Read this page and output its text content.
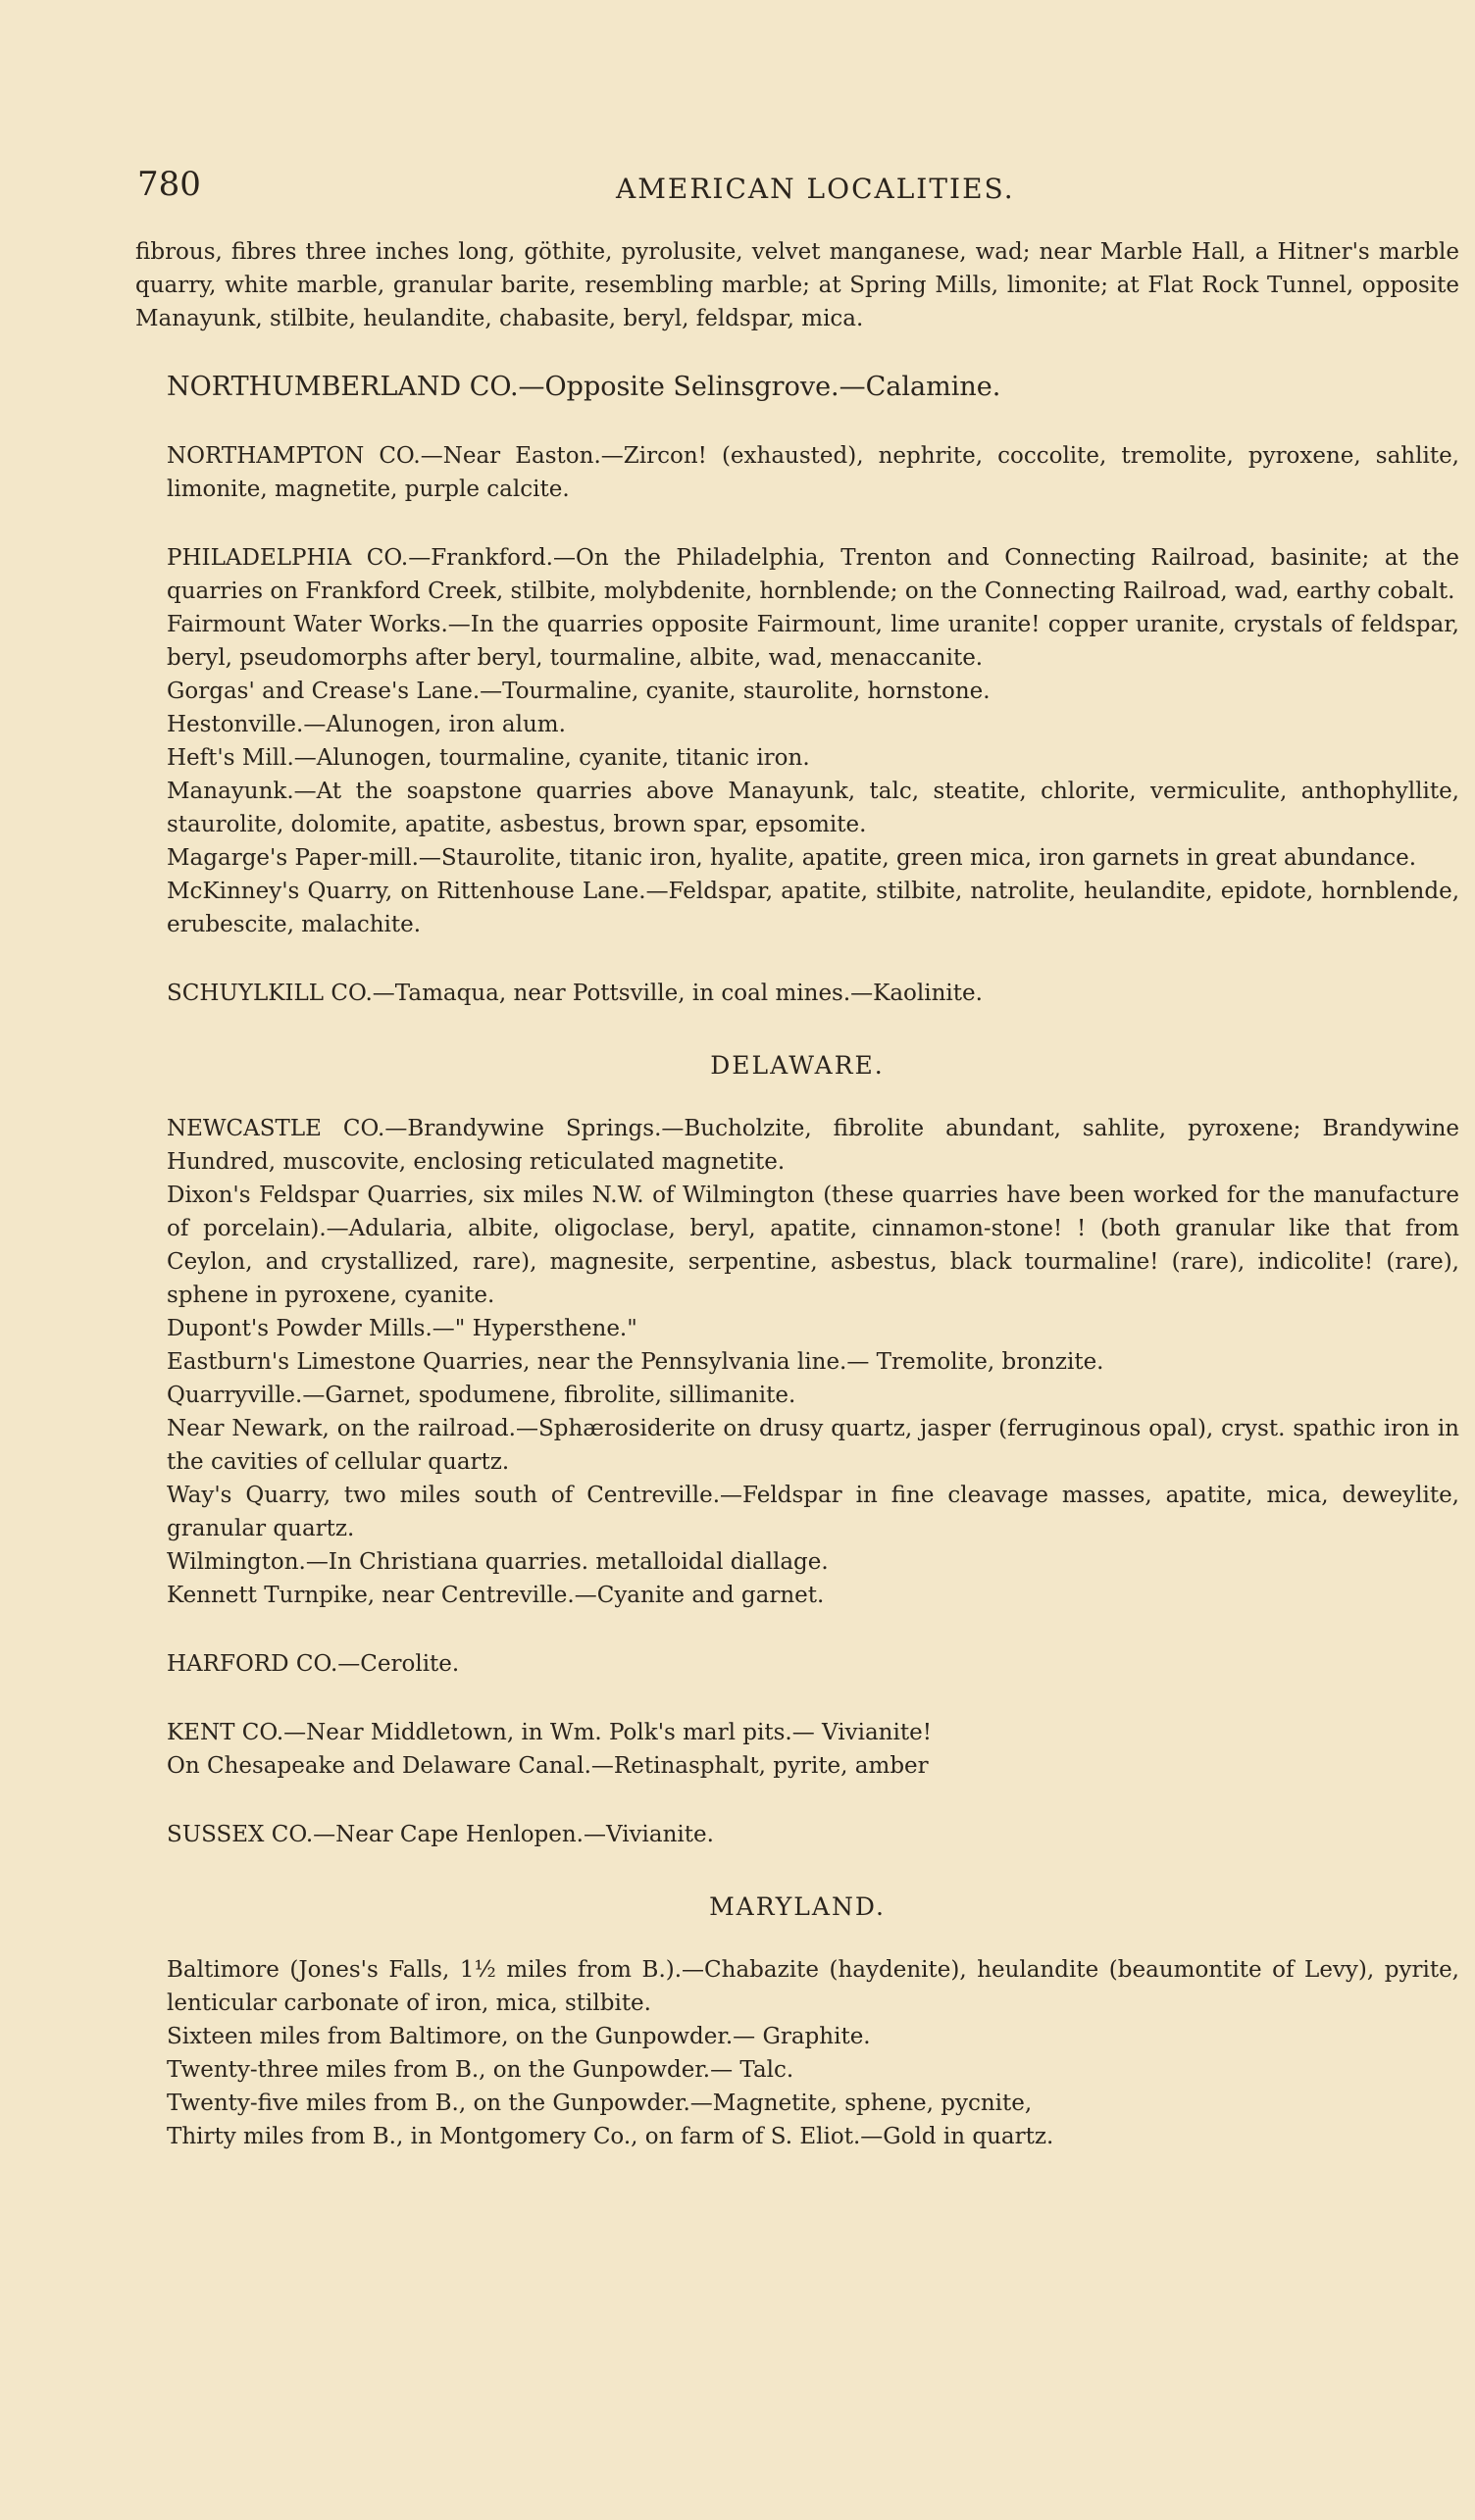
780	AMERICAN LOCALITIES.

fibrous, fibres three inches long, göthite, pyrolusite, velvet manganese, wad; near Marble Hall, a Hitner's marble quarry, white marble, granular barite, resembling marble; at Spring Mills, limonite; at Flat Rock Tunnel, opposite Manayunk, stilbite, heulandite, chabasite, beryl, feldspar, mica.

NORTHUMBERLAND CO.—Opposite Selinsgrove.—Calamine.

NORTHAMPTON CO.—Near Easton.—Zircon! (exhausted), nephrite, coccolite, tremolite, pyroxene, sahlite, limonite, magnetite, purple calcite.

PHILADELPHIA CO.—Frankford.—On the Philadelphia, Trenton and Connecting Railroad, basinite; at the quarries on Frankford Creek, stilbite, molybdenite, hornblende; on the Connecting Railroad, wad, earthy cobalt.

Fairmount Water Works.—In the quarries opposite Fairmount, lime uranite! copper uranite, crystals of feldspar, beryl, pseudomorphs after beryl, tourmaline, albite, wad, menaccanite.

Gorgas' and Crease's Lane.—Tourmaline, cyanite, staurolite, hornstone.

Hestonville.—Alunogen, iron alum.

Heft's Mill.—Alunogen, tourmaline, cyanite, titanic iron.

Manayunk.—At the soapstone quarries above Manayunk, talc, steatite, chlorite, vermiculite, anthophyllite, staurolite, dolomite, apatite, asbestus, brown spar, epsomite.

Magarge's Paper-mill.—Staurolite, titanic iron, hyalite, apatite, green mica, iron garnets in great abundance.

McKinney's Quarry, on Rittenhouse Lane.—Feldspar, apatite, stilbite, natrolite, heulandite, epidote, hornblende, erubescite, malachite.

SCHUYLKILL CO.—Tamaqua, near Pottsville, in coal mines.—Kaolinite.

DELAWARE.

NEWCASTLE CO.—Brandywine Springs.—Bucholzite, fibrolite abundant, sahlite, pyroxene; Brandywine Hundred, muscovite, enclosing reticulated magnetite.

Dixon's Feldspar Quarries, six miles N.W. of Wilmington (these quarries have been worked for the manufacture of porcelain).—Adularia, albite, oligoclase, beryl, apatite, cinnamon-stone! ! (both granular like that from Ceylon, and crystallized, rare), magnesite, serpentine, asbestus, black tourmaline! (rare), indicolite! (rare), sphene in pyroxene, cyanite.

Dupont's Powder Mills.—" Hypersthene."

Eastburn's Limestone Quarries, near the Pennsylvania line.— Tremolite, bronzite.

Quarryville.—Garnet, spodumene, fibrolite, sillimanite.

Near Newark, on the railroad.—Sphærosiderite on drusy quartz, jasper (ferruginous opal), cryst. spathic iron in the cavities of cellular quartz.

Way's Quarry, two miles south of Centreville.—Feldspar in fine cleavage masses, apatite, mica, deweylite, granular quartz.

Wilmington.—In Christiana quarries. metalloidal diallage.

Kennett Turnpike, near Centreville.—Cyanite and garnet.

HARFORD CO.—Cerolite.

KENT CO.—Near Middletown, in Wm. Polk's marl pits.— Vivianite!

On Chesapeake and Delaware Canal.—Retinasphalt, pyrite, amber

SUSSEX CO.—Near Cape Henlopen.—Vivianite.

MARYLAND.

Baltimore (Jones's Falls, 1½ miles from B.).—Chabazite (haydenite), heulandite (beaumontite of Levy), pyrite, lenticular carbonate of iron, mica, stilbite.

Sixteen miles from Baltimore, on the Gunpowder.— Graphite.

Twenty-three miles from B., on the Gunpowder.— Talc.

Twenty-five miles from B., on the Gunpowder.—Magnetite, sphene, pycnite,

Thirty miles from B., in Montgomery Co., on farm of S. Eliot.—Gold in quartz.
